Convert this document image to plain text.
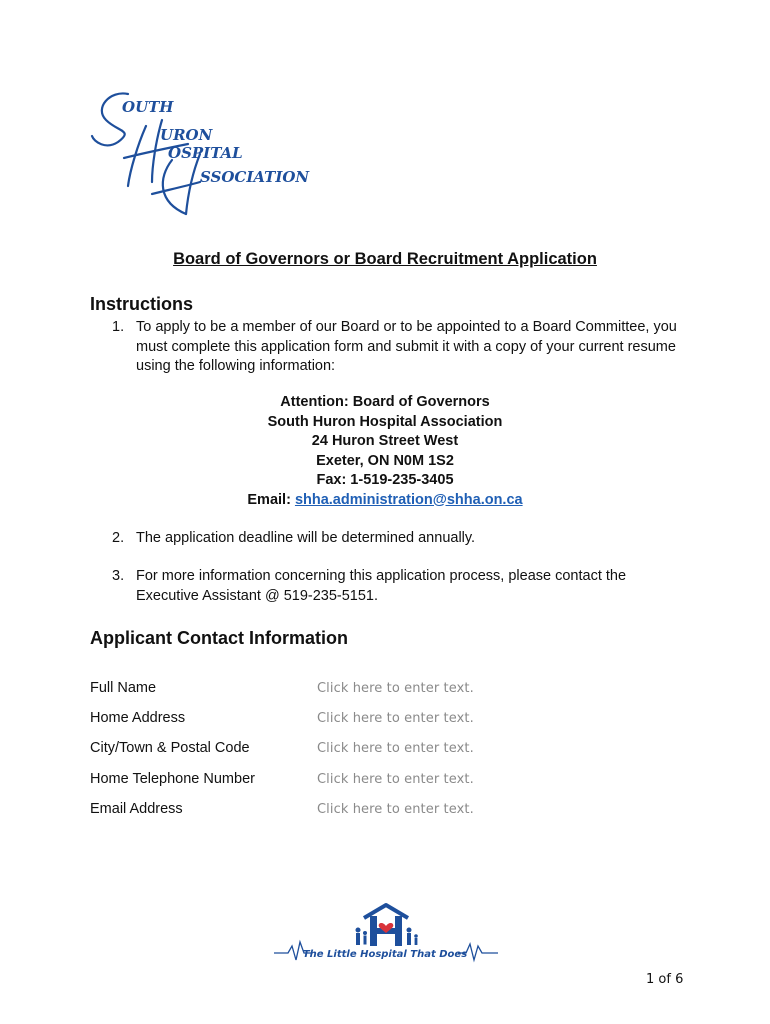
OUTH
URON
OSPITAL
SSOCIATION
Board of Governors or Board Recruitment Application
Instructions
1. To apply to be a member of our Board or to be appointed to a Board Committee, you must complete this application form and submit it with a copy of your current resume using the following information:
Attention: Board of Governors
South Huron Hospital Association
24 Huron Street West
Exeter, ON N0M 1S2
Fax: 1-519-235-3405
Email: shha.administration@shha.on.ca
2. The application deadline will be determined annually.
3. For more information concerning this application process, please contact the Executive Assistant @ 519-235-5151.
Applicant Contact Information
Full Name	Click here to enter text.
Home Address	Click here to enter text.
City/Town & Postal Code	Click here to enter text.
Home Telephone Number	Click here to enter text.
Email Address	Click here to enter text.
The Little Hospital That Does
1 of 6
